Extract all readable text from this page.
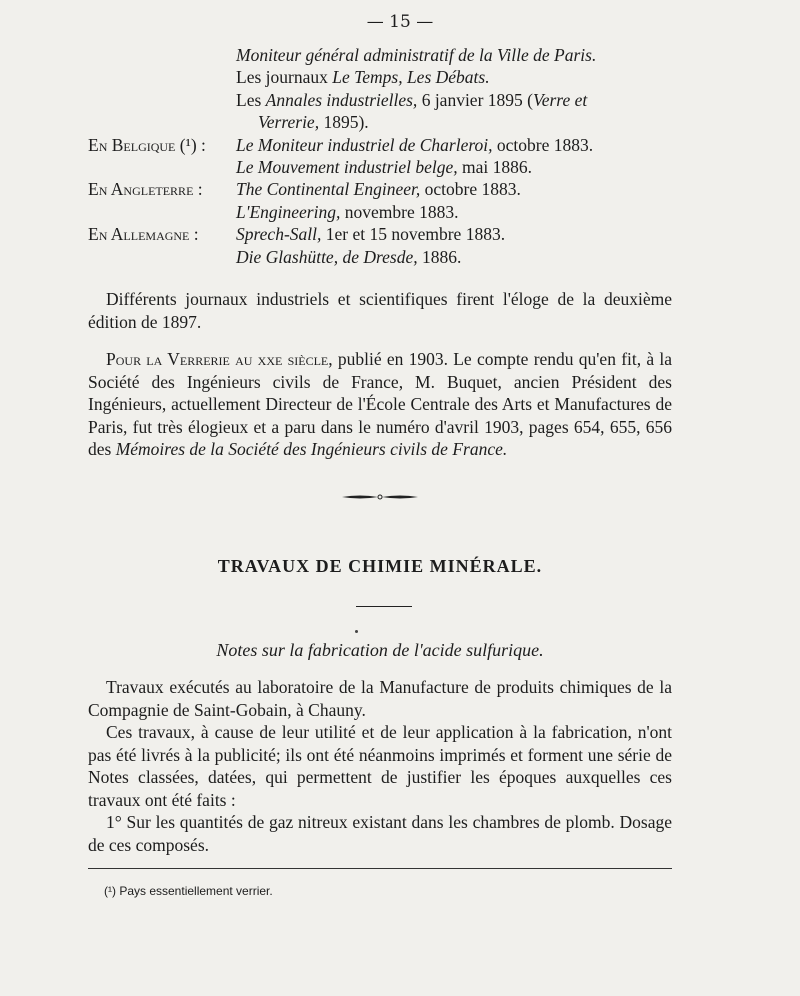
— 15 —
Moniteur général administratif de la Ville de Paris.
Les journaux Le Temps, Les Débats.
Les Annales industrielles, 6 janvier 1895 (Verre et
Verrerie, 1895).
En Belgique (¹) :	Le Moniteur industriel de Charleroi, octobre 1883.
Le Mouvement industriel belge, mai 1886.
En Angleterre :	The Continental Engineer, octobre 1883.
L'Engineering, novembre 1883.
En Allemagne :	Sprech-Sall, 1er et 15 novembre 1883.
Die Glashütte, de Dresde, 1886.

Différents journaux industriels et scientifiques firent l'éloge de la deuxième édition de 1897.

Pour la Verrerie au xxe siècle, publié en 1903. Le compte rendu qu'en fit, à la Société des Ingénieurs civils de France, M. Buquet, ancien Président des Ingénieurs, actuellement Directeur de l'École Centrale des Arts et Manufactures de Paris, fut très élogieux et a paru dans le numéro d'avril 1903, pages 654, 655, 656 des Mémoires de la Société des Ingénieurs civils de France.

TRAVAUX DE CHIMIE MINÉRALE.
Notes sur la fabrication de l'acide sulfurique.
Travaux exécutés au laboratoire de la Manufacture de produits chimiques de la Compagnie de Saint-Gobain, à Chauny.
Ces travaux, à cause de leur utilité et de leur application à la fabrication, n'ont pas été livrés à la publicité; ils ont été néanmoins imprimés et forment une série de Notes classées, datées, qui permettent de justifier les époques auxquelles ces travaux ont été faits :
1° Sur les quantités de gaz nitreux existant dans les chambres de plomb. Dosage de ces composés.
(¹) Pays essentiellement verrier.
